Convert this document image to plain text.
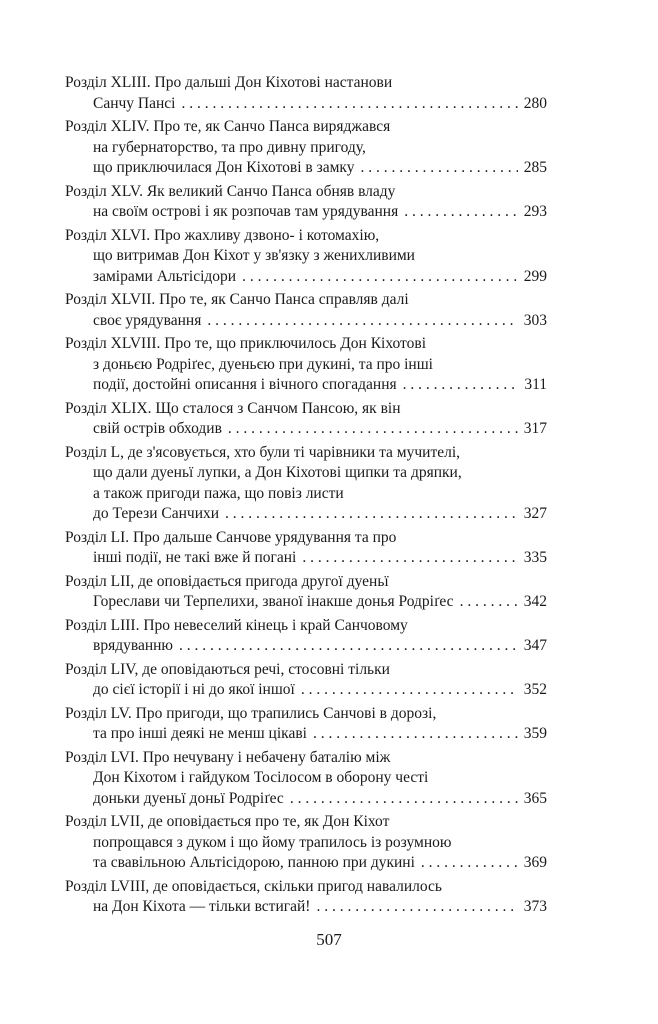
Розділ XLIII. Про дальші Дон Кіхотові настанови
Санчу Пансі . . .	280
Розділ XLIV. Про те, як Санчо Панса виряджався
на губернаторство, та про дивну пригоду,
що приключилася Дон Кіхотові в замку . . .	285
Розділ XLV. Як великий Санчо Панса обняв владу
на своїм острові і як розпочав там урядування . . .	293
Розділ XLVI. Про жахливу дзвоно- і котомахію,
що витримав Дон Кіхот у зв'язку з женихливими
замірами Альтісідори . . .	299
Розділ XLVII. Про те, як Санчо Панса справляв далі
своє урядування . . .	303
Розділ XLVIII. Про те, що приключилось Дон Кіхотові
з доньєю Родріґес, дуеньєю при дукині, та про інші
події, достойні описання і вічного спогадання . . .	311
Розділ XLIX. Що сталося з Санчом Пансою, як він
свій острів обходив . . .	317
Розділ L, де з'ясовується, хто були ті чарівники та мучителі,
що дали дуеньї лупки, а Дон Кіхотові щипки та дряпки,
а також пригоди пажа, що повіз листи
до Терези Санчихи . . .	327
Розділ LI. Про дальше Санчове урядування та про
інші події, не такі вже й погані . . .	335
Розділ LII, де оповідається пригода другої дуеньї
Горeслави чи Терпелихи, званої інакше донья Родріґес . . .	342
Розділ LIII. Про невеселий кінець і край Санчовому
врядуванню . . .	347
Розділ LIV, де оповідаються речі, стосовні тільки
до сієї історії і ні до якої іншої . . .	352
Розділ LV. Про пригоди, що трапились Санчові в дорозі,
та про інші деякі не менш цікаві . . .	359
Розділ LVI. Про нечувану і небачену баталію між
Дон Кіхотом і гайдуком Тосілосом в оборону честі
доньки дуеньї доньї Родріґес . . .	365
Розділ LVII, де оповідається про те, як Дон Кіхот
попрощався з дуком і що йому трапилось із розумною
та свавільною Альтісідорою, панною при дукині . . .	369
Розділ LVIII, де оповідається, скільки пригод навалилось
на Дон Кіхота — тільки встигай! . . .	373
507
